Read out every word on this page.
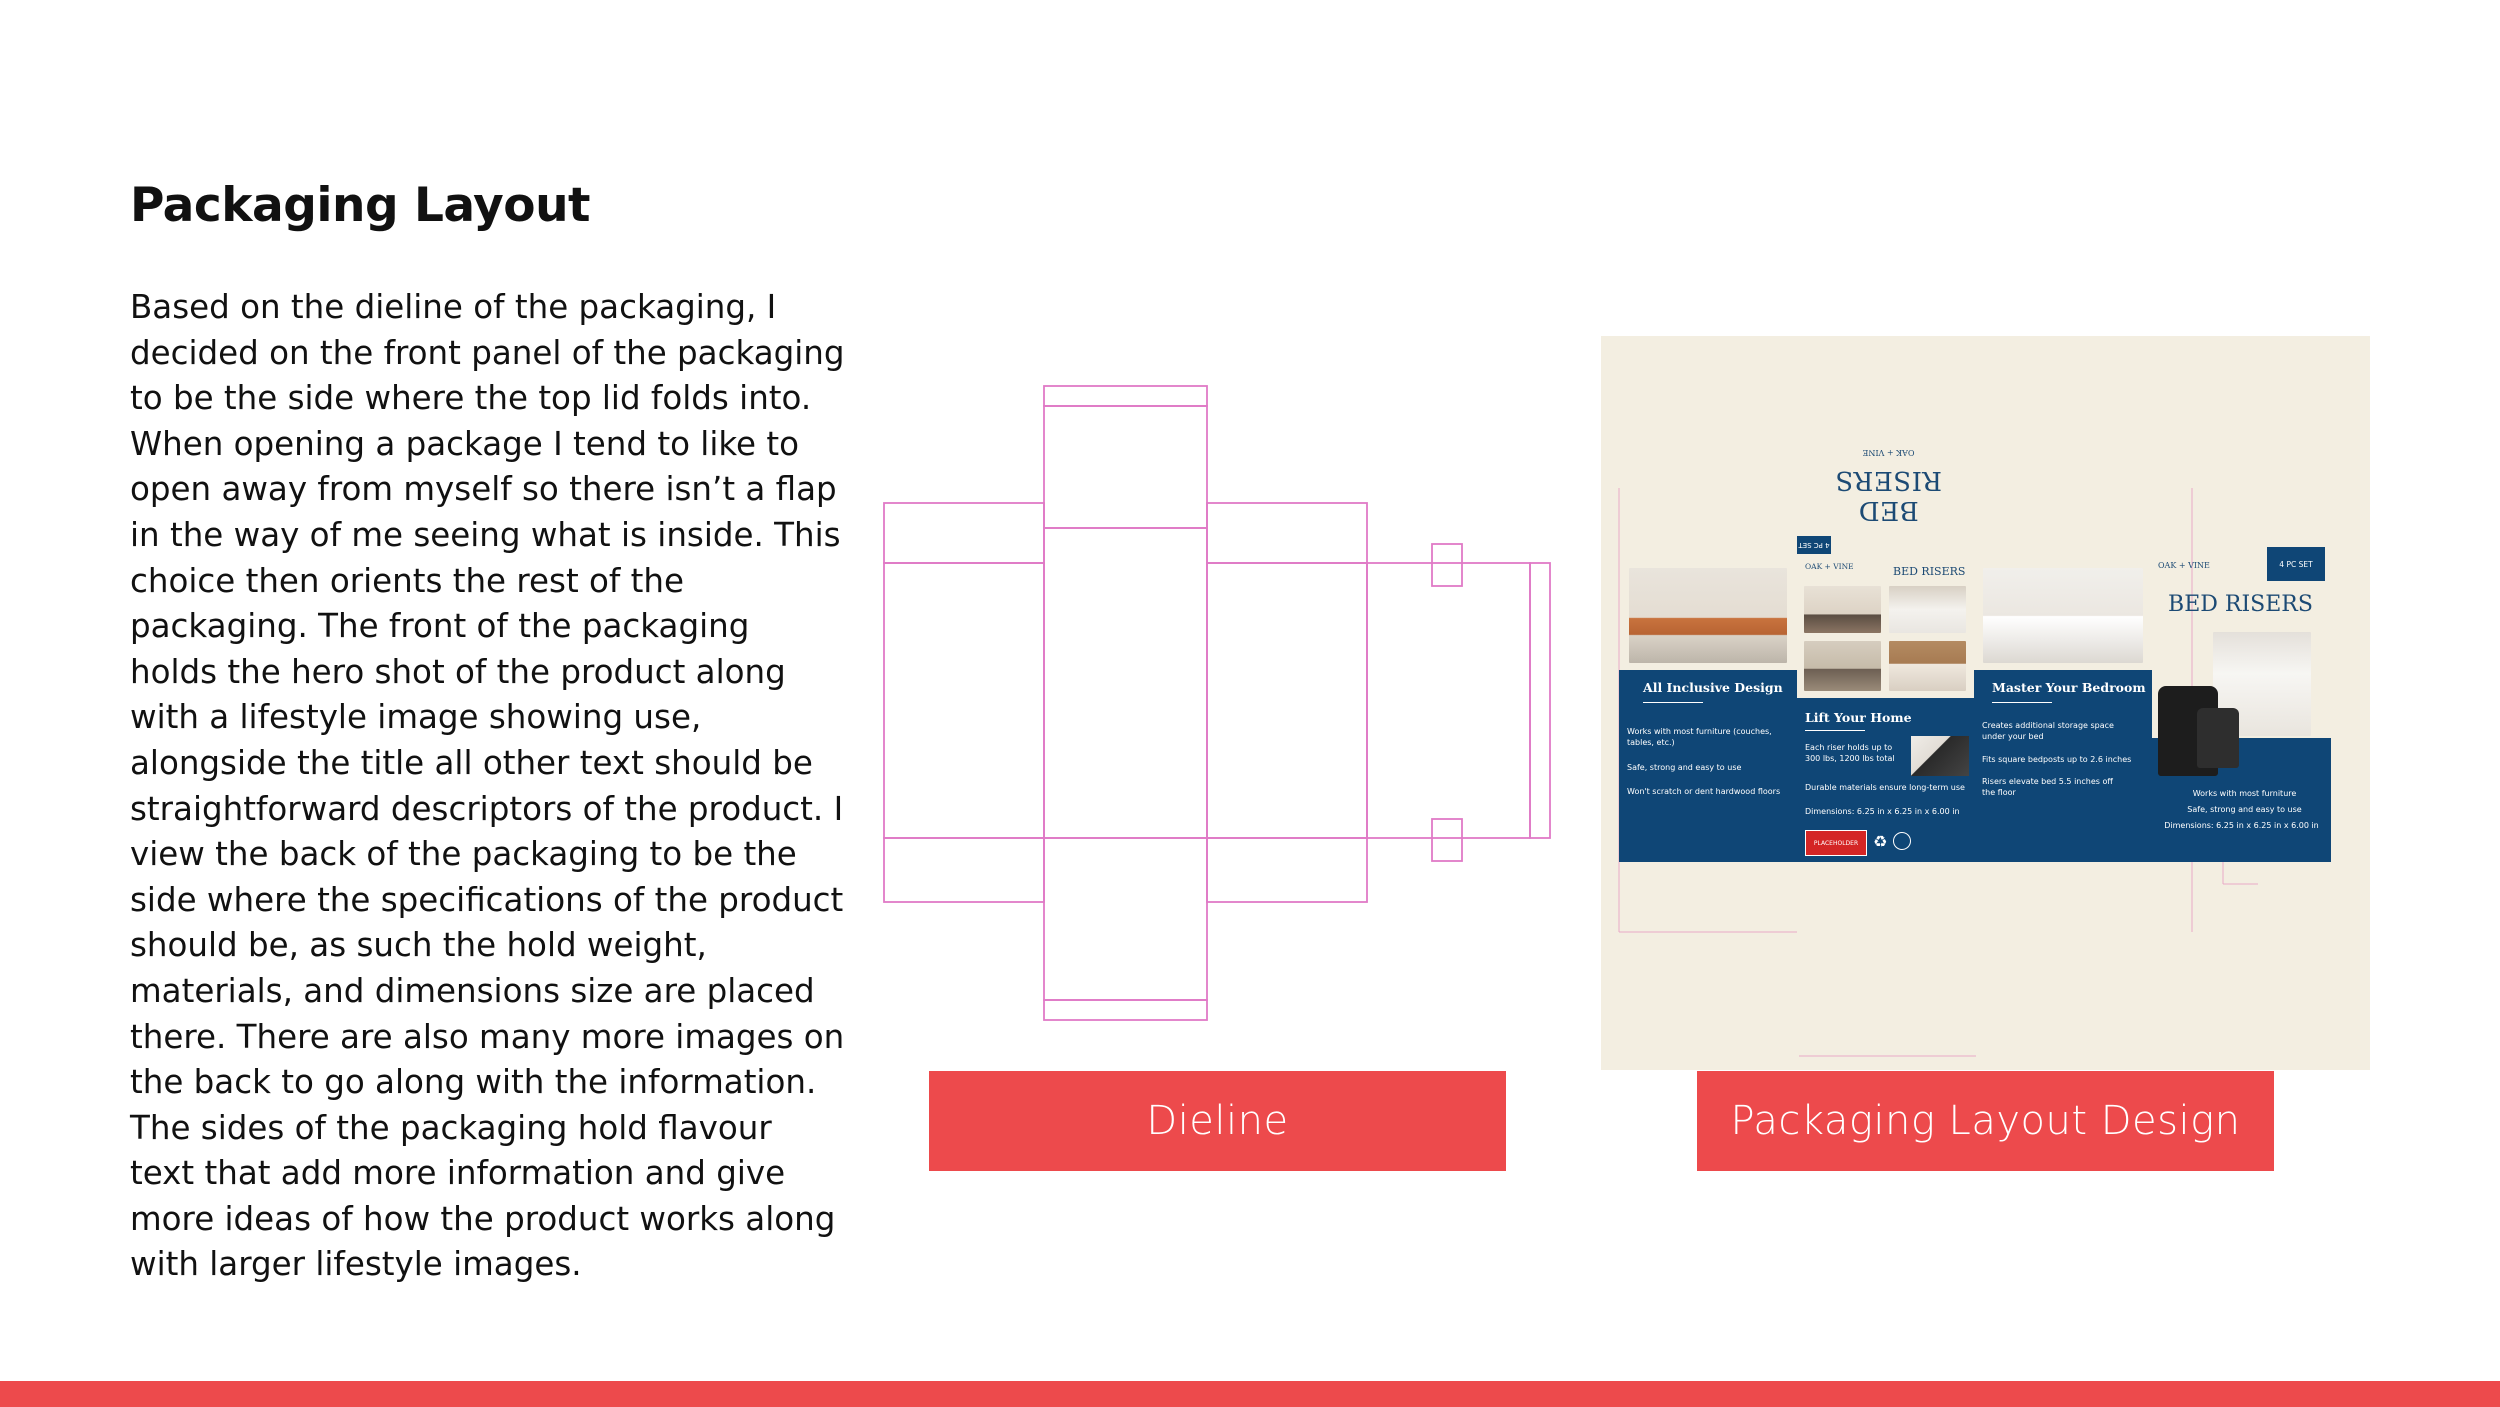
Packaging Layout

Based on the dieline of the packaging, I decided on the front panel of the packaging to be the side where the top lid folds into. When opening a package I tend to like to open away from myself so there isn’t a flap in the way of me seeing what is inside. This choice then orients the rest of the packaging. The front of the packaging holds the hero shot of the product along with a lifestyle image showing use, alongside the title all other text should be straightforward descriptors of the product. I view the back of the packaging to be the side where the specifications of the product should be, as such the hold weight, materials, and dimensions size are placed there. There are also many more images on the back to go along with the information. The sides of the packaging hold flavour text that add more information and give more ideas of how the product works along with larger lifestyle images.

BED RISERS
OAK + VINE
All Inclusive Design
Works with most furniture (couches, tables, etc.)
Safe, strong and easy to use
Won't scratch or dent hardwood floors
4 PC SET
OAK + VINE	BED RISERS
Lift Your Home
Each riser holds up to 300 lbs, 1200 lbs total
Durable materials ensure long-term use
Dimensions: 6.25 in x 6.25 in x 6.00 in
PLACEHOLDER ♻
Master Your Bedroom
Creates additional storage space under your bed
Fits square bedposts up to 2.6 inches
Risers elevate bed 5.5 inches off the floor
OAK + VINE	4 PC SET
BED RISERS
Works with most furniture
Safe, strong and easy to use
Dimensions: 6.25 in x 6.25 in x 6.00 in
Dieline	Packaging Layout Design
